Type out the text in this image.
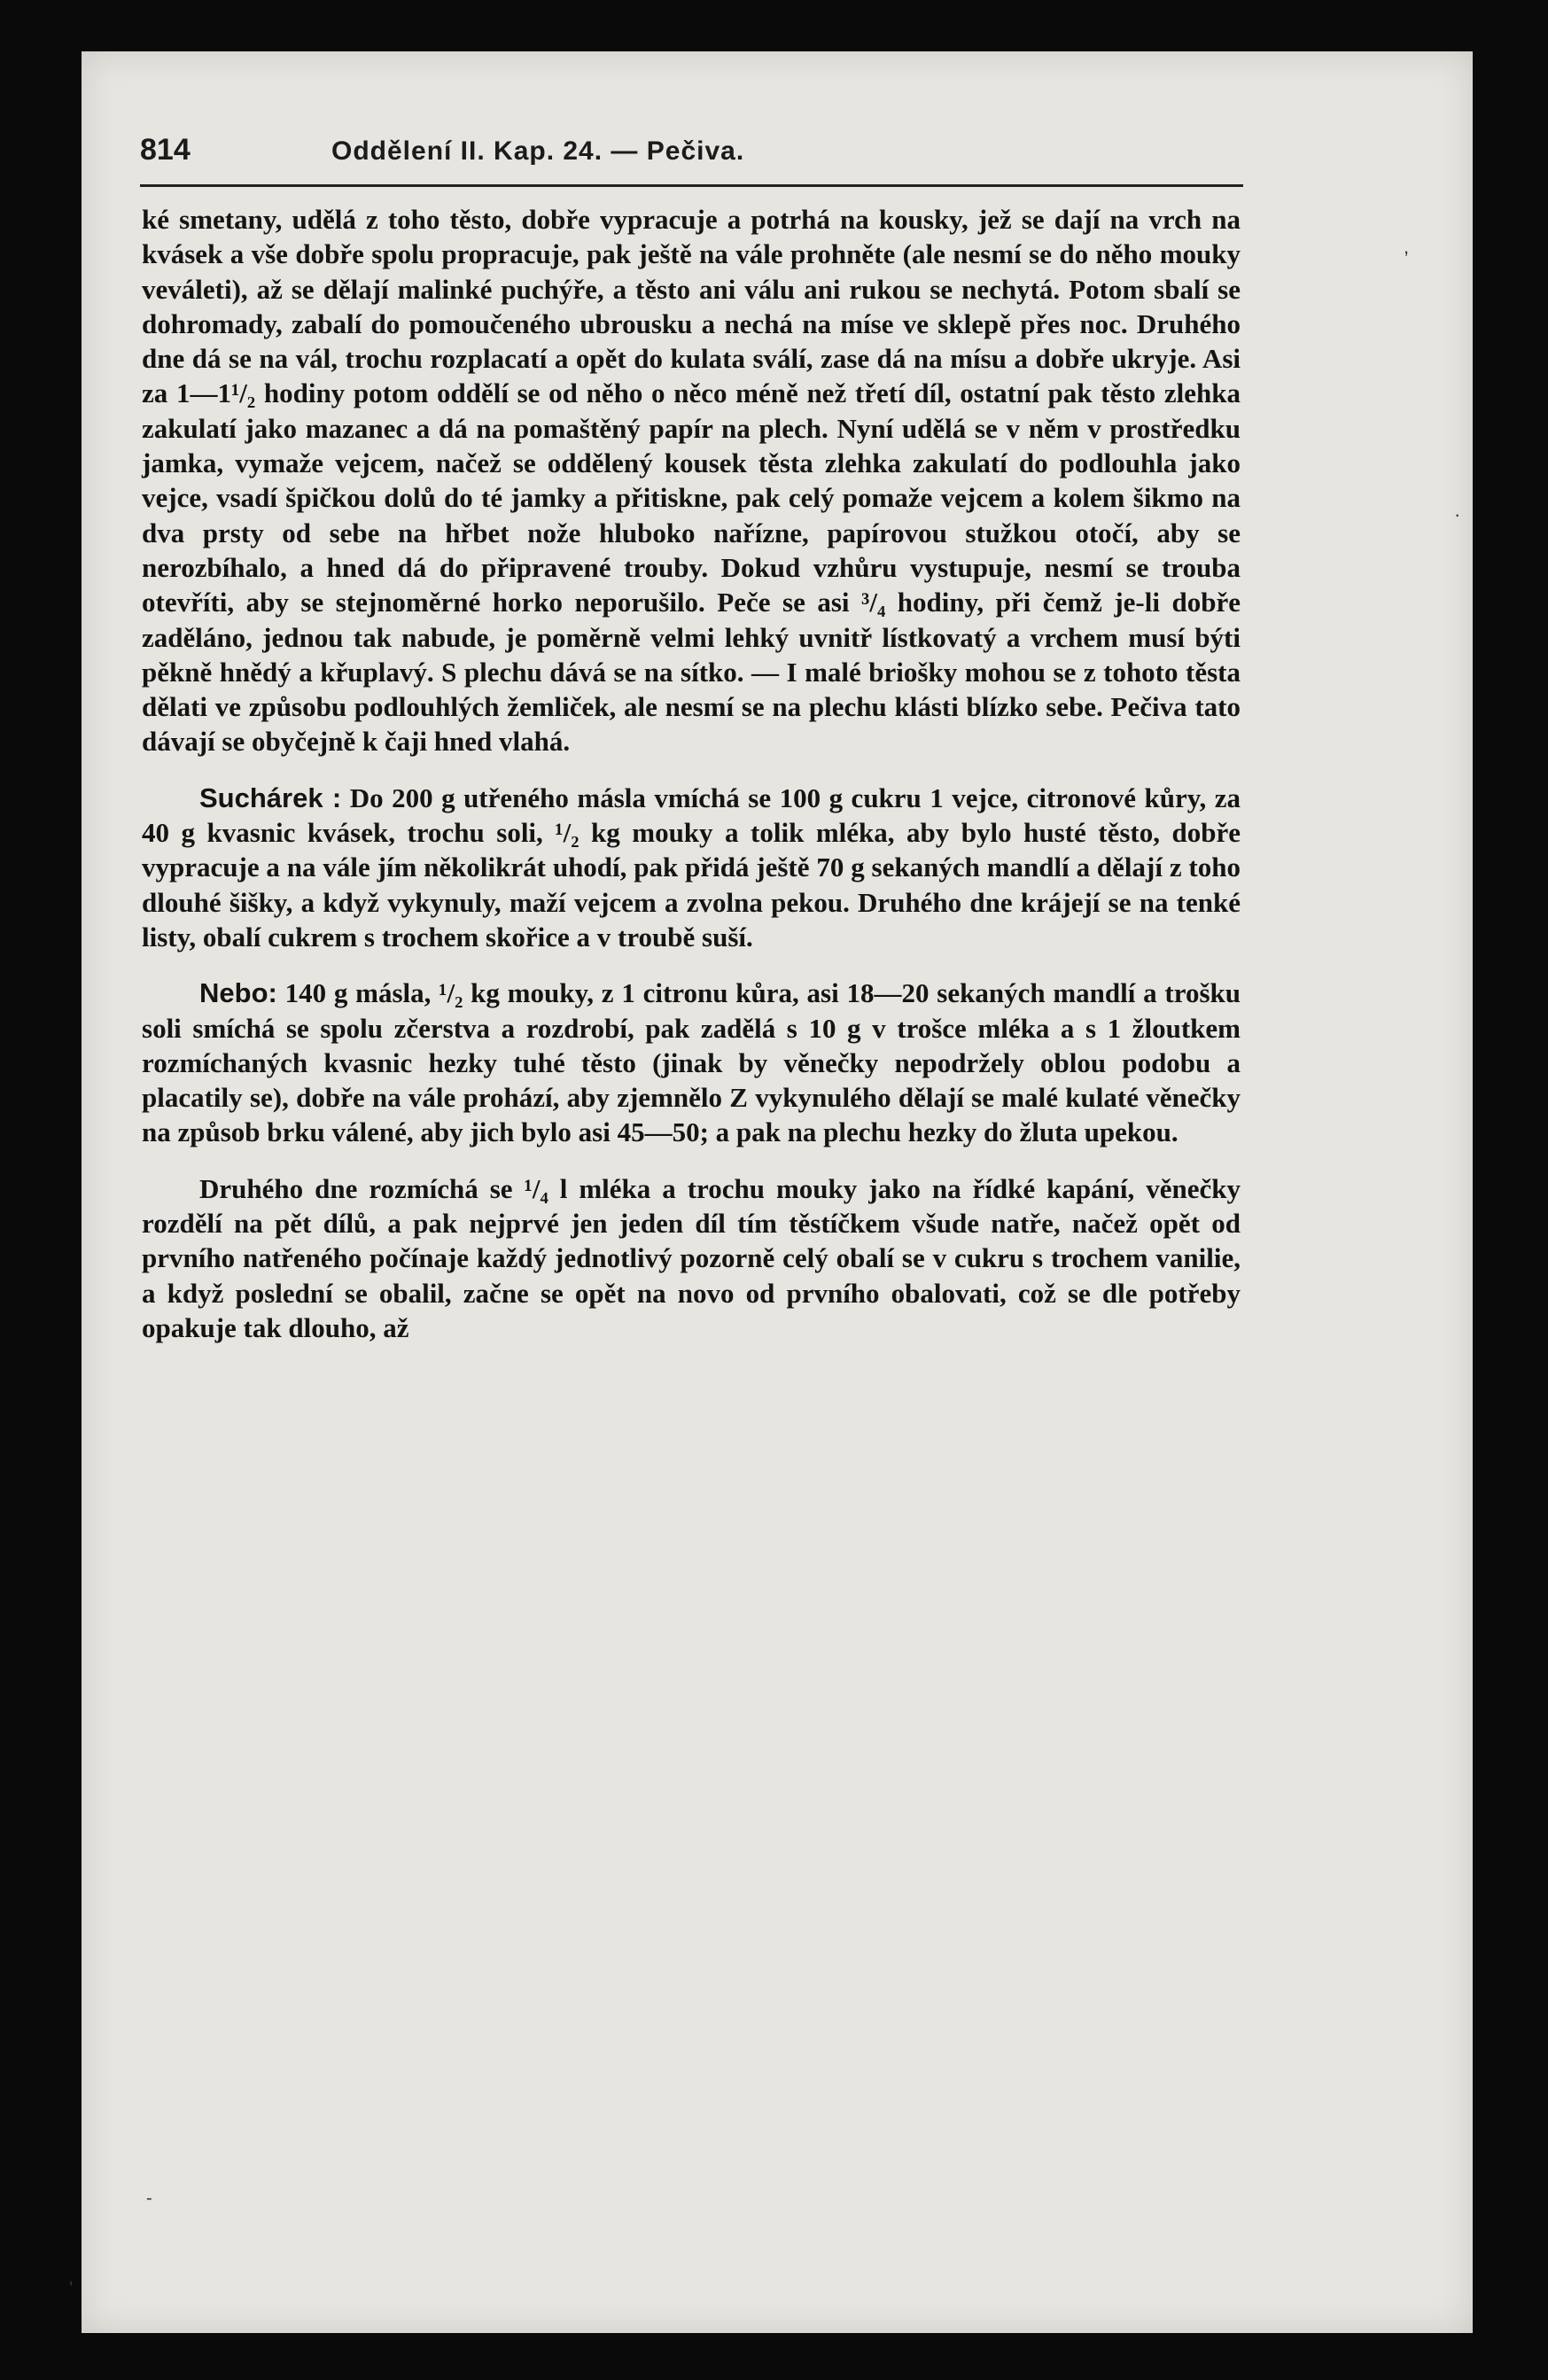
814	Oddělení II. Kap. 24. — Pečiva.

ké smetany, udělá z toho těsto, dobře vypracuje a potrhá na kousky, jež se dají na vrch na kvásek a vše dobře spolu propracuje, pak ještě na vále prohněte (ale nesmí se do něho mouky veváleti), až se dělají malinké puchýře, a těsto ani válu ani rukou se nechytá. Potom sbalí se dohromady, zabalí do pomoučeného ubrousku a nechá na míse ve sklepě přes noc. Druhého dne dá se na vál, trochu rozplacatí a opět do kulata sválí, zase dá na mísu a dobře ukryje. Asi za 1—1¹/₂ hodiny potom oddělí se od něho o něco méně než třetí díl, ostatní pak těsto zlehka zakulatí jako mazanec a dá na pomaštěný papír na plech. Nyní udělá se v něm v prostředku jamka, vymaže vejcem, načež se oddělený kousek těsta zlehka zakulatí do podlouhla jako vejce, vsadí špičkou dolů do té jamky a přitiskne, pak celý pomaže vejcem a kolem šikmo na dva prsty od sebe na hřbet nože hluboko nařízne, papírovou stužkou otočí, aby se nerozbíhalo, a hned dá do připravené trouby. Dokud vzhůru vystupuje, nesmí se trouba otevříti, aby se stejnoměrné horko neporušilo. Peče se asi ³/₄ hodiny, při čemž je-li dobře zaděláno, jednou tak nabude, je poměrně velmi lehký uvnitř lístkovatý a vrchem musí býti pěkně hnědý a křuplavý. S plechu dává se na sítko. — I malé briošky mohou se z tohoto těsta dělati ve způsobu podlouhlých žemliček, ale nesmí se na plechu klásti blízko sebe. Pečiva tato dávají se obyčejně k čaji hned vlahá.

Suchárek : Do 200 g utřeného másla vmíchá se 100 g cukru 1 vejce, citronové kůry, za 40 g kvasnic kvásek, trochu soli, ¹/₂ kg mouky a tolik mléka, aby bylo husté těsto, dobře vypracuje a na vále jím několikrát uhodí, pak přidá ještě 70 g sekaných mandlí a dělají z toho dlouhé šišky, a když vykynuly, maží vejcem a zvolna pekou. Druhého dne krájejí se na tenké listy, obalí cukrem s trochem skořice a v troubě suší.

Nebo: 140 g másla, ¹/₂ kg mouky, z 1 citronu kůra, asi 18—20 sekaných mandlí a trošku soli smíchá se spolu zčerstva a rozdrobí, pak zadělá s 10 g v trošce mléka a s 1 žloutkem rozmíchaných kvasnic hezky tuhé těsto (jinak by věnečky nepodržely oblou podobu a placatily se), dobře na vále prohází, aby zjemnělo Z vykynulého dělají se malé kulaté věnečky na způsob brku válené, aby jich bylo asi 45—50; a pak na plechu hezky do žluta upekou.

Druhého dne rozmíchá se ¹/₄ l mléka a trochu mouky jako na řídké kapání, věnečky rozdělí na pět dílů, a pak nejprvé jen jeden díl tím těstíčkem všude natře, načež opět od prvního natřeného počínaje každý jednotlivý pozorně celý obalí se v cukru s trochem vanilie, a když poslední se obalil, začne se opět na novo od prvního obalovati, což se dle potřeby opakuje tak dlouho, až

,
·
-
'
